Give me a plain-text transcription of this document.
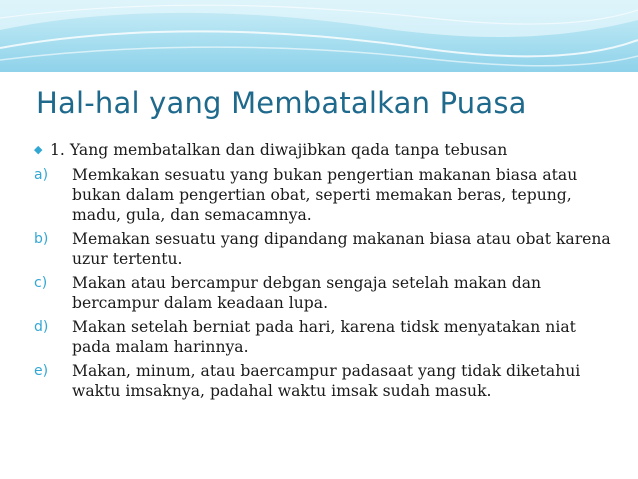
Hal-hal yang Membatalkan Puasa
◆ 1. Yang membatalkan dan diwajibkan qada tanpa tebusan
a)	Memkakan sesuatu yang bukan pengertian makanan biasa atau bukan dalam pengertian obat, seperti memakan beras, tepung, madu, gula, dan semacamnya.
b)	Memakan sesuatu yang dipandang makanan biasa atau obat karena uzur tertentu.
c)	Makan atau bercampur debgan sengaja setelah makan dan bercampur dalam keadaan lupa.
d)	Makan setelah berniat pada hari, karena tidsk menyatakan niat pada malam harinnya.
e)	Makan, minum, atau baercampur padasaat yang tidak diketahui waktu imsaknya, padahal waktu imsak sudah masuk.
